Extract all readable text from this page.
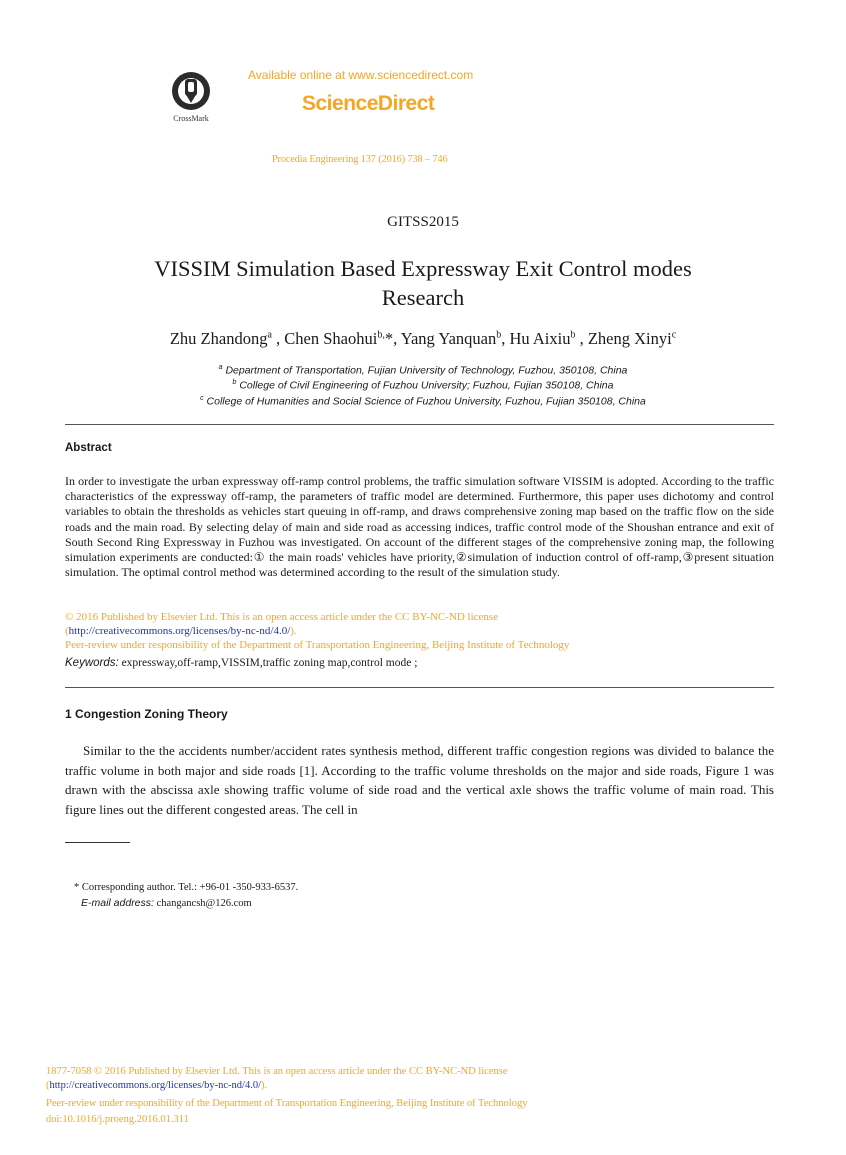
CrossMark
Available online at www.sciencedirect.com
ScienceDirect
Procedia Engineering 137 (2016) 738 – 746
GITSS2015
VISSIM Simulation Based Expressway Exit Control modes
Research
Zhu Zhandong$^a$ , Chen Shaohui$^{b,}$*, Yang Yanquan$^b$, Hu Aixiu$^b$ , Zheng Xinyi$^c$
$^a$ Department of Transportation, Fujian University of Technology, Fuzhou, 350108, China
$^b$ College of Civil Engineering of Fuzhou University; Fuzhou, Fujian 350108, China
$^c$ College of Humanities and Social Science of Fuzhou University, Fuzhou, Fujian 350108, China
Abstract
In order to investigate the urban expressway off-ramp control problems, the traffic simulation software VISSIM is adopted. According to the traffic characteristics of the expressway off-ramp, the parameters of traffic model are determined. Furthermore, this paper uses dichotomy and control variables to obtain the thresholds as vehicles start queuing in off-ramp, and draws comprehensive zoning map based on the traffic flow on the side roads and the main road. By selecting delay of main and side road as accessing indices, traffic control mode of the Shoushan entrance and exit of South Second Ring Expressway in Fuzhou was investigated. On account of the different stages of the comprehensive zoning map, the following simulation experiments are conducted:① the main roads' vehicles have priority,②simulation of induction control of off-ramp,③present situation simulation. The optimal control method was determined according to the result of the simulation study.
© 2016 Published by Elsevier Ltd. This is an open access article under the CC BY-NC-ND license
(http://creativecommons.org/licenses/by-nc-nd/4.0/).
Peer-review under responsibility of the Department of Transportation Engineering, Beijing Institute of Technology
Keywords: expressway,off-ramp,VISSIM,traffic zoning map,control mode ;
1 Congestion Zoning Theory
Similar to the the accidents number/accident rates synthesis method, different traffic congestion regions was divided to balance the traffic volume in both major and side roads [1]. According to the traffic volume thresholds on the major and side roads, Figure 1 was drawn with the abscissa axle showing traffic volume of side road and the vertical axle shows the traffic volume of main road. This figure lines out the different congested areas. The cell in
* Corresponding author. Tel.: +96-01 -350-933-6537.
E-mail address: changancsh@126.com
1877-7058 © 2016 Published by Elsevier Ltd. This is an open access article under the CC BY-NC-ND license
(http://creativecommons.org/licenses/by-nc-nd/4.0/).
Peer-review under responsibility of the Department of Transportation Engineering, Beijing Institute of Technology
doi:10.1016/j.proeng.2016.01.311
